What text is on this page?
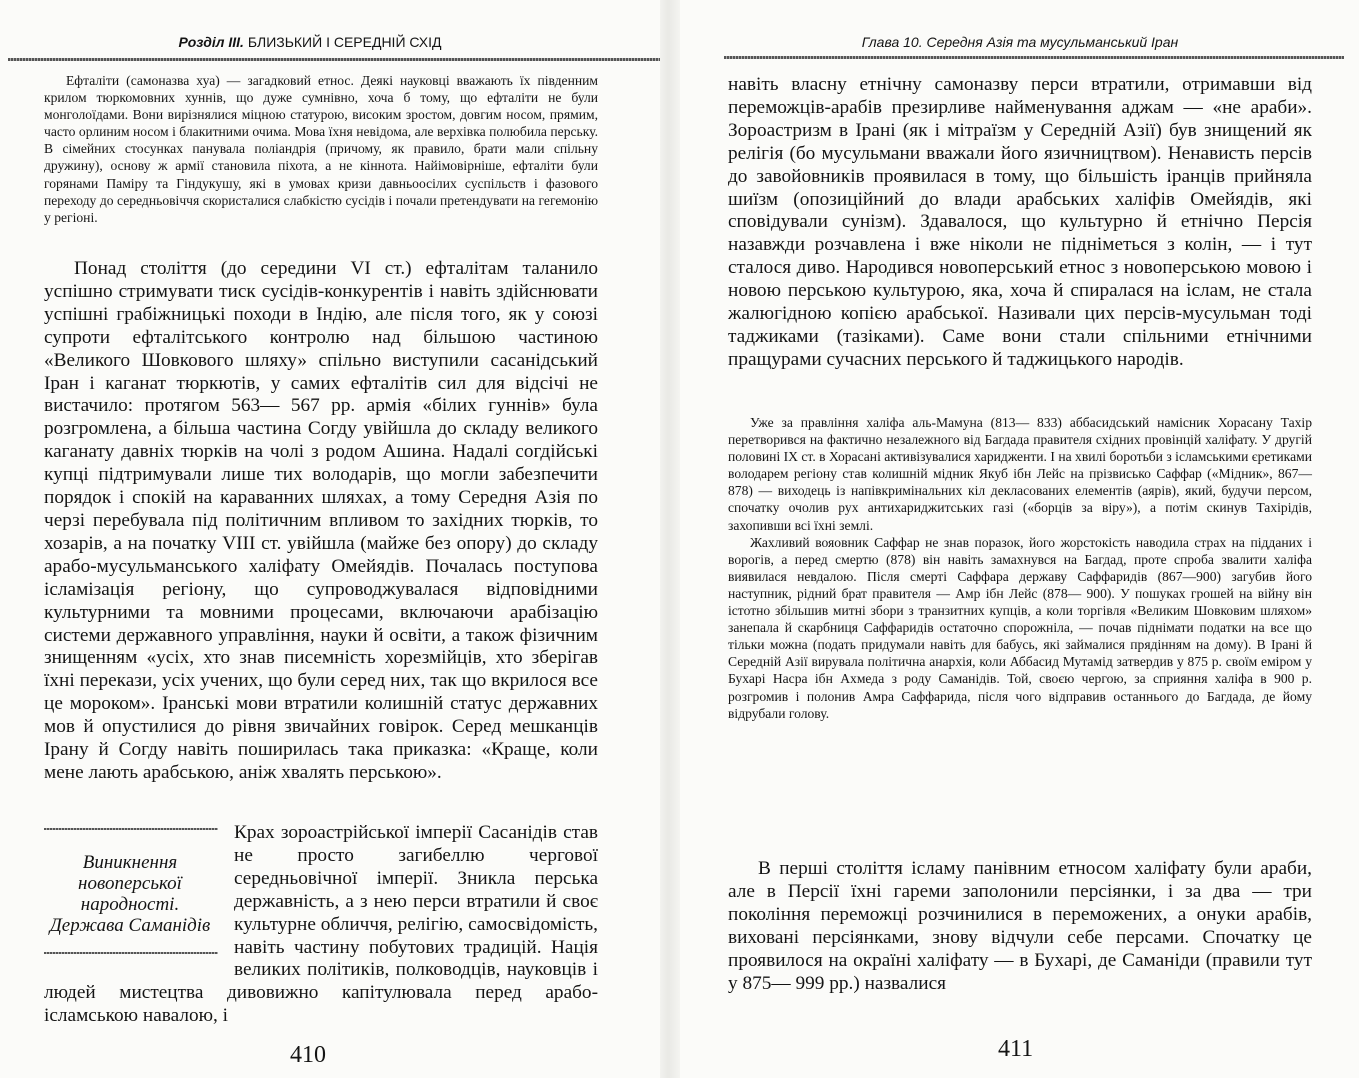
Розділ III. БЛИЗЬКИЙ І СЕРЕДНІЙ СХІД

Ефталіти (самоназва хуа) — загадковий етнос. Деякі науковці вважають їх південним крилом тюркомовних хуннів, що дуже сумнівно, хоча б тому, що ефталіти не були монголоїдами. Вони вирізнялися міцною статурою, високим зростом, довгим носом, прямим, часто орлиним носом і блакитними очима. Мова їхня невідома, але верхівка полюбила перську. В сімейних стосунках панувала поліандрія (причому, як правило, брати мали спільну дружину), основу ж армії становила піхота, а не кіннота. Найімовірніше, ефталіти були горянами Паміру та Гіндукушу, які в умовах кризи давньоосілих суспільств і фазового переходу до середньовіччя скористалися слабкістю сусідів і почали претендувати на гегемонію у регіоні.

Понад століття (до середини VI ст.) ефталітам таланило успішно стримувати тиск сусідів-конкурентів і навіть здійснювати успішні грабіжницькі походи в Індію, але після того, як у союзі супроти ефталітського контролю над більшою частиною «Великого Шовкового шляху» спільно виступили сасанідський Іран і каганат тюркютів, у самих ефталітів сил для відсічі не вистачило: протягом 563— 567 рр. армія «білих гуннів» була розгромлена, а більша частина Согду увійшла до складу великого каганату давніх тюрків на чолі з родом Ашина. Надалі согдійські купці підтримували лише тих володарів, що могли забезпечити порядок і спокій на караванних шляхах, а тому Середня Азія по черзі перебувала під політичним впливом то західних тюрків, то хозарів, а на початку VIII ст. увійшла (майже без опору) до складу арабо-мусульманського халіфату Омейядів. Почалась поступова ісламізація регіону, що супроводжувалася відповідними культурними та мовними процесами, включаючи арабізацію системи державного управління, науки й освіти, а також фізичним знищенням «усіх, хто знав писемність хорезмійців, хто зберігав їхні перекази, усіх учених, що були серед них, так що вкрилося все це мороком». Іранські мови втратили колишній статус державних мов й опустилися до рівня звичайних говірок. Серед мешканців Ірану й Согду навіть поширилась така приказка: «Краще, коли мене лають арабською, аніж хвалять перською».

Виникнення
новоперської
народності.
Держава Саманідів

Крах зороастрійської імперії Сасанідів став не просто загибеллю чергової середньовічної імперії. Зникла перська державність, а з нею перси втратили й своє культурне обличчя, релігію, самосвідомість, навіть частину побутових традицій. Нація великих політиків, полководців, науковців і людей мистецтва дивовижно капітулювала перед арабо-ісламською навалою, і

410
Глава 10. Середня Азія та мусульманський Іран

навіть власну етнічну самоназву перси втратили, отримавши від переможців-арабів презирливе найменування аджам — «не араби». Зороастризм в Ірані (як і мітраїзм у Середній Азії) був знищений як релігія (бо мусульмани вважали його язичництвом). Ненависть персів до завойовників проявилася в тому, що більшість іранців прийняла шиїзм (опозиційний до влади арабських халіфів Омейядів, які сповідували сунізм). Здавалося, що культурно й етнічно Персія назавжди розчавлена і вже ніколи не підніметься з колін, — і тут сталося диво. Народився новоперський етнос з новоперською мовою і новою перською культурою, яка, хоча й спиралася на іслам, не стала жалюгідною копією арабської. Називали цих персів-мусульман тоді таджиками (тазіками). Саме вони стали спільними етнічними пращурами сучасних перського й таджицького народів.

Уже за правління халіфа аль-Мамуна (813— 833) аббасидський намісник Хорасану Тахір перетворився на фактично незалежного від Багдада правителя східних провінцій халіфату. У другій половині IX ст. в Хорасані активізувалися харидженти. І на хвилі боротьби з ісламськими єретиками володарем регіону став колишній мідник Якуб ібн Лейс на прізвисько Саффар («Мідник», 867— 878) — виходець із напівкримінальних кіл декласованих елементів (аярів), який, будучи персом, спочатку очолив рух антихариджитських газі («борців за віру»), а потім скинув Тахірідів, захопивши всі їхні землі.

Жахливий вояовник Саффар не знав поразок, його жорстокість наводила страх на підданих і ворогів, а перед смертю (878) він навіть замахнувся на Багдад, проте спроба звалити халіфа виявилася невдалою. Після смерті Саффара державу Саффаридів (867—900) загубив його наступник, рідний брат правителя — Амр ібн Лейс (878— 900). У пошуках грошей на війну він істотно збільшив митні збори з транзитних купців, а коли торгівля «Великим Шовковим шляхом» занепала й скарбниця Саффаридів остаточно спорожніла, — почав піднімати податки на все що тільки можна (подать придумали навіть для бабусь, які займалися прядінням на дому). В Ірані й Середній Азії вирувала політична анархія, коли Аббасид Мутамід затвердив у 875 р. своїм еміром у Бухарі Насра ібн Ахмеда з роду Саманідів. Той, своєю чергою, за сприяння халіфа в 900 р. розгромив і полонив Амра Саффарида, після чого відправив останнього до Багдада, де йому відрубали голову.

В перші століття ісламу панівним етносом халіфату були араби, але в Персії їхні гареми заполонили персіянки, і за два — три покоління переможці розчинилися в переможених, а онуки арабів, виховані персіянками, знову відчули себе персами. Спочатку це проявилося на окраїні халіфату — в Бухарі, де Саманіди (правили тут у 875— 999 рр.) назвалися

411
